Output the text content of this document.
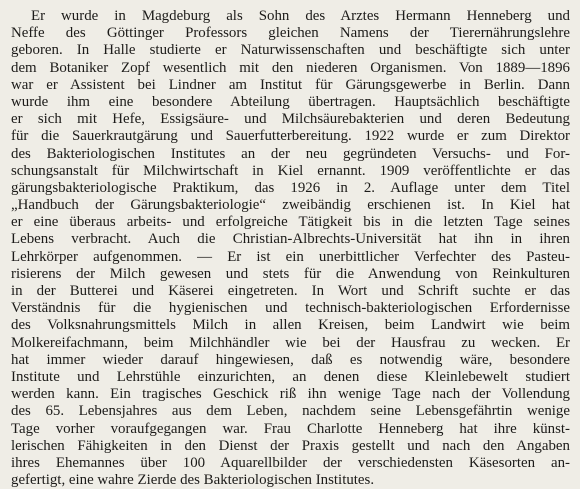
Er wurde in Magdeburg als Sohn des Arztes Hermann Henneberg und
Neffe des Göttinger Professors gleichen Namens der Tierernährungslehre
geboren. In Halle studierte er Naturwissenschaften und beschäftigte sich unter
dem Botaniker Zopf wesentlich mit den niederen Organismen. Von 1889—1896
war er Assistent bei Lindner am Institut für Gärungsgewerbe in Berlin. Dann
wurde ihm eine besondere Abteilung übertragen. Hauptsächlich beschäftigte
er sich mit Hefe, Essigsäure- und Milchsäurebakterien und deren Bedeutung
für die Sauerkrautgärung und Sauerfutterbereitung. 1922 wurde er zum Direktor
des Bakteriologischen Institutes an der neu gegründeten Versuchs- und For-
schungsanstalt für Milchwirtschaft in Kiel ernannt. 1909 veröffentlichte er das
gärungsbakteriologische Praktikum, das 1926 in 2. Auflage unter dem Titel
„Handbuch der Gärungsbakteriologie“ zweibändig erschienen ist. In Kiel hat
er eine überaus arbeits- und erfolgreiche Tätigkeit bis in die letzten Tage seines
Lebens verbracht. Auch die Christian-Albrechts-Universität hat ihn in ihren
Lehrkörper aufgenommen. — Er ist ein unerbittlicher Verfechter des Pasteu-
risierens der Milch gewesen und stets für die Anwendung von Reinkulturen
in der Butterei und Käserei eingetreten. In Wort und Schrift suchte er das
Verständnis für die hygienischen und technisch-bakteriologischen Erfordernisse
des Volksnahrungsmittels Milch in allen Kreisen, beim Landwirt wie beim
Molkereifachmann, beim Milchhändler wie bei der Hausfrau zu wecken. Er
hat immer wieder darauf hingewiesen, daß es notwendig wäre, besondere
Institute und Lehrstühle einzurichten, an denen diese Kleinlebewelt studiert
werden kann. Ein tragisches Geschick riß ihn wenige Tage nach der Vollendung
des 65. Lebensjahres aus dem Leben, nachdem seine Lebensgefährtin wenige
Tage vorher voraufgegangen war. Frau Charlotte Henneberg hat ihre künst-
lerischen Fähigkeiten in den Dienst der Praxis gestellt und nach den Angaben
ihres Ehemannes über 100 Aquarellbilder der verschiedensten Käsesorten an-
gefertigt, eine wahre Zierde des Bakteriologischen Institutes.
